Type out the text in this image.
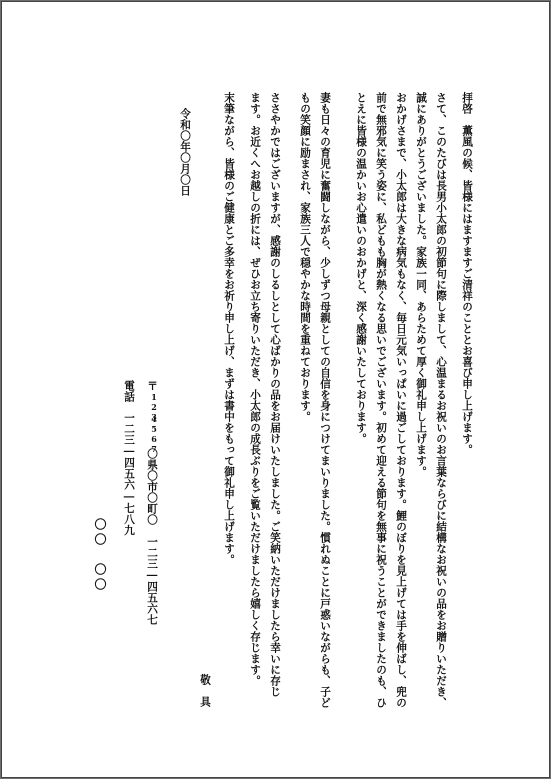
拝啓　薫風の候、皆様にはますますご清祥のこととお喜び申し上げます。
さて、このたびは長男小太郎の初節句に際しまして、心温まるお祝いのお言葉ならびに結構なお祝いの品をお贈りいただき、
誠にありがとうございました。家族一同、あらためて厚く御礼申し上げます。
おかげさまで、小太郎は大きな病気もなく、毎日元気いっぱいに過ごしております。鯉のぼりを見上げては手を伸ばし、兜の
前で無邪気に笑う姿に、私どもも胸が熱くなる思いでございます。初めて迎える節句を無事に祝うことができましたのも、ひ
とえに皆様の温かいお心遣いのおかげと、深く感謝いたしております。
妻も日々の育児に奮闘しながら、少しずつ母親としての自信を身につけてまいりました。慣れぬことに戸惑いながらも、子ど
もの笑顔に励まされ、家族三人で穏やかな時間を重ねております。
ささやかではございますが、感謝のしるしとして心ばかりの品をお届けいたしました。ご笑納いただけましたら幸いに存じ
ます。お近くへお越しの折には、ぜひお立ち寄りいただき、小太郎の成長ぶりをご覧いただけましたら嬉しく存じます。
末筆ながら、皆様のご健康とご多幸をお祈り申し上げ、まずは書中をもって御礼申し上げます。
敬　具
令和〇年〇月〇日
〒
123
4567
〇県〇市〇町〇　一二三―四五六七
電話
一二三―四五六―七八九
〇〇　〇〇
